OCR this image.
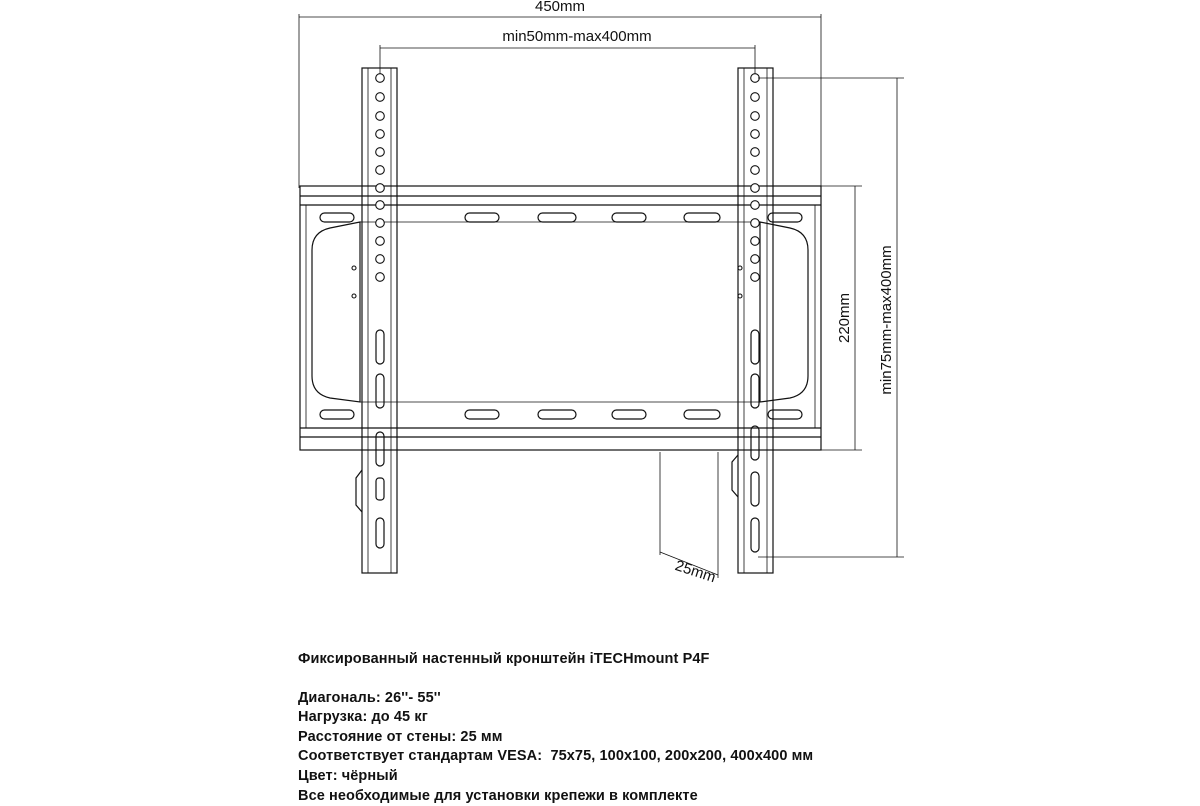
450mm
min50mm-max400mm
220mm min75mm-max400mm
25mm
Фиксированный настенный кронштейн iTECHmount P4F
Диагональ: 26''- 55''
Нагрузка: до 45 кг
Расстояние от стены: 25 мм
Соответствует стандартам VESA:  75х75, 100х100, 200х200, 400х400 мм
Цвет: чёрный
Все необходимые для установки крепежи в комплекте
